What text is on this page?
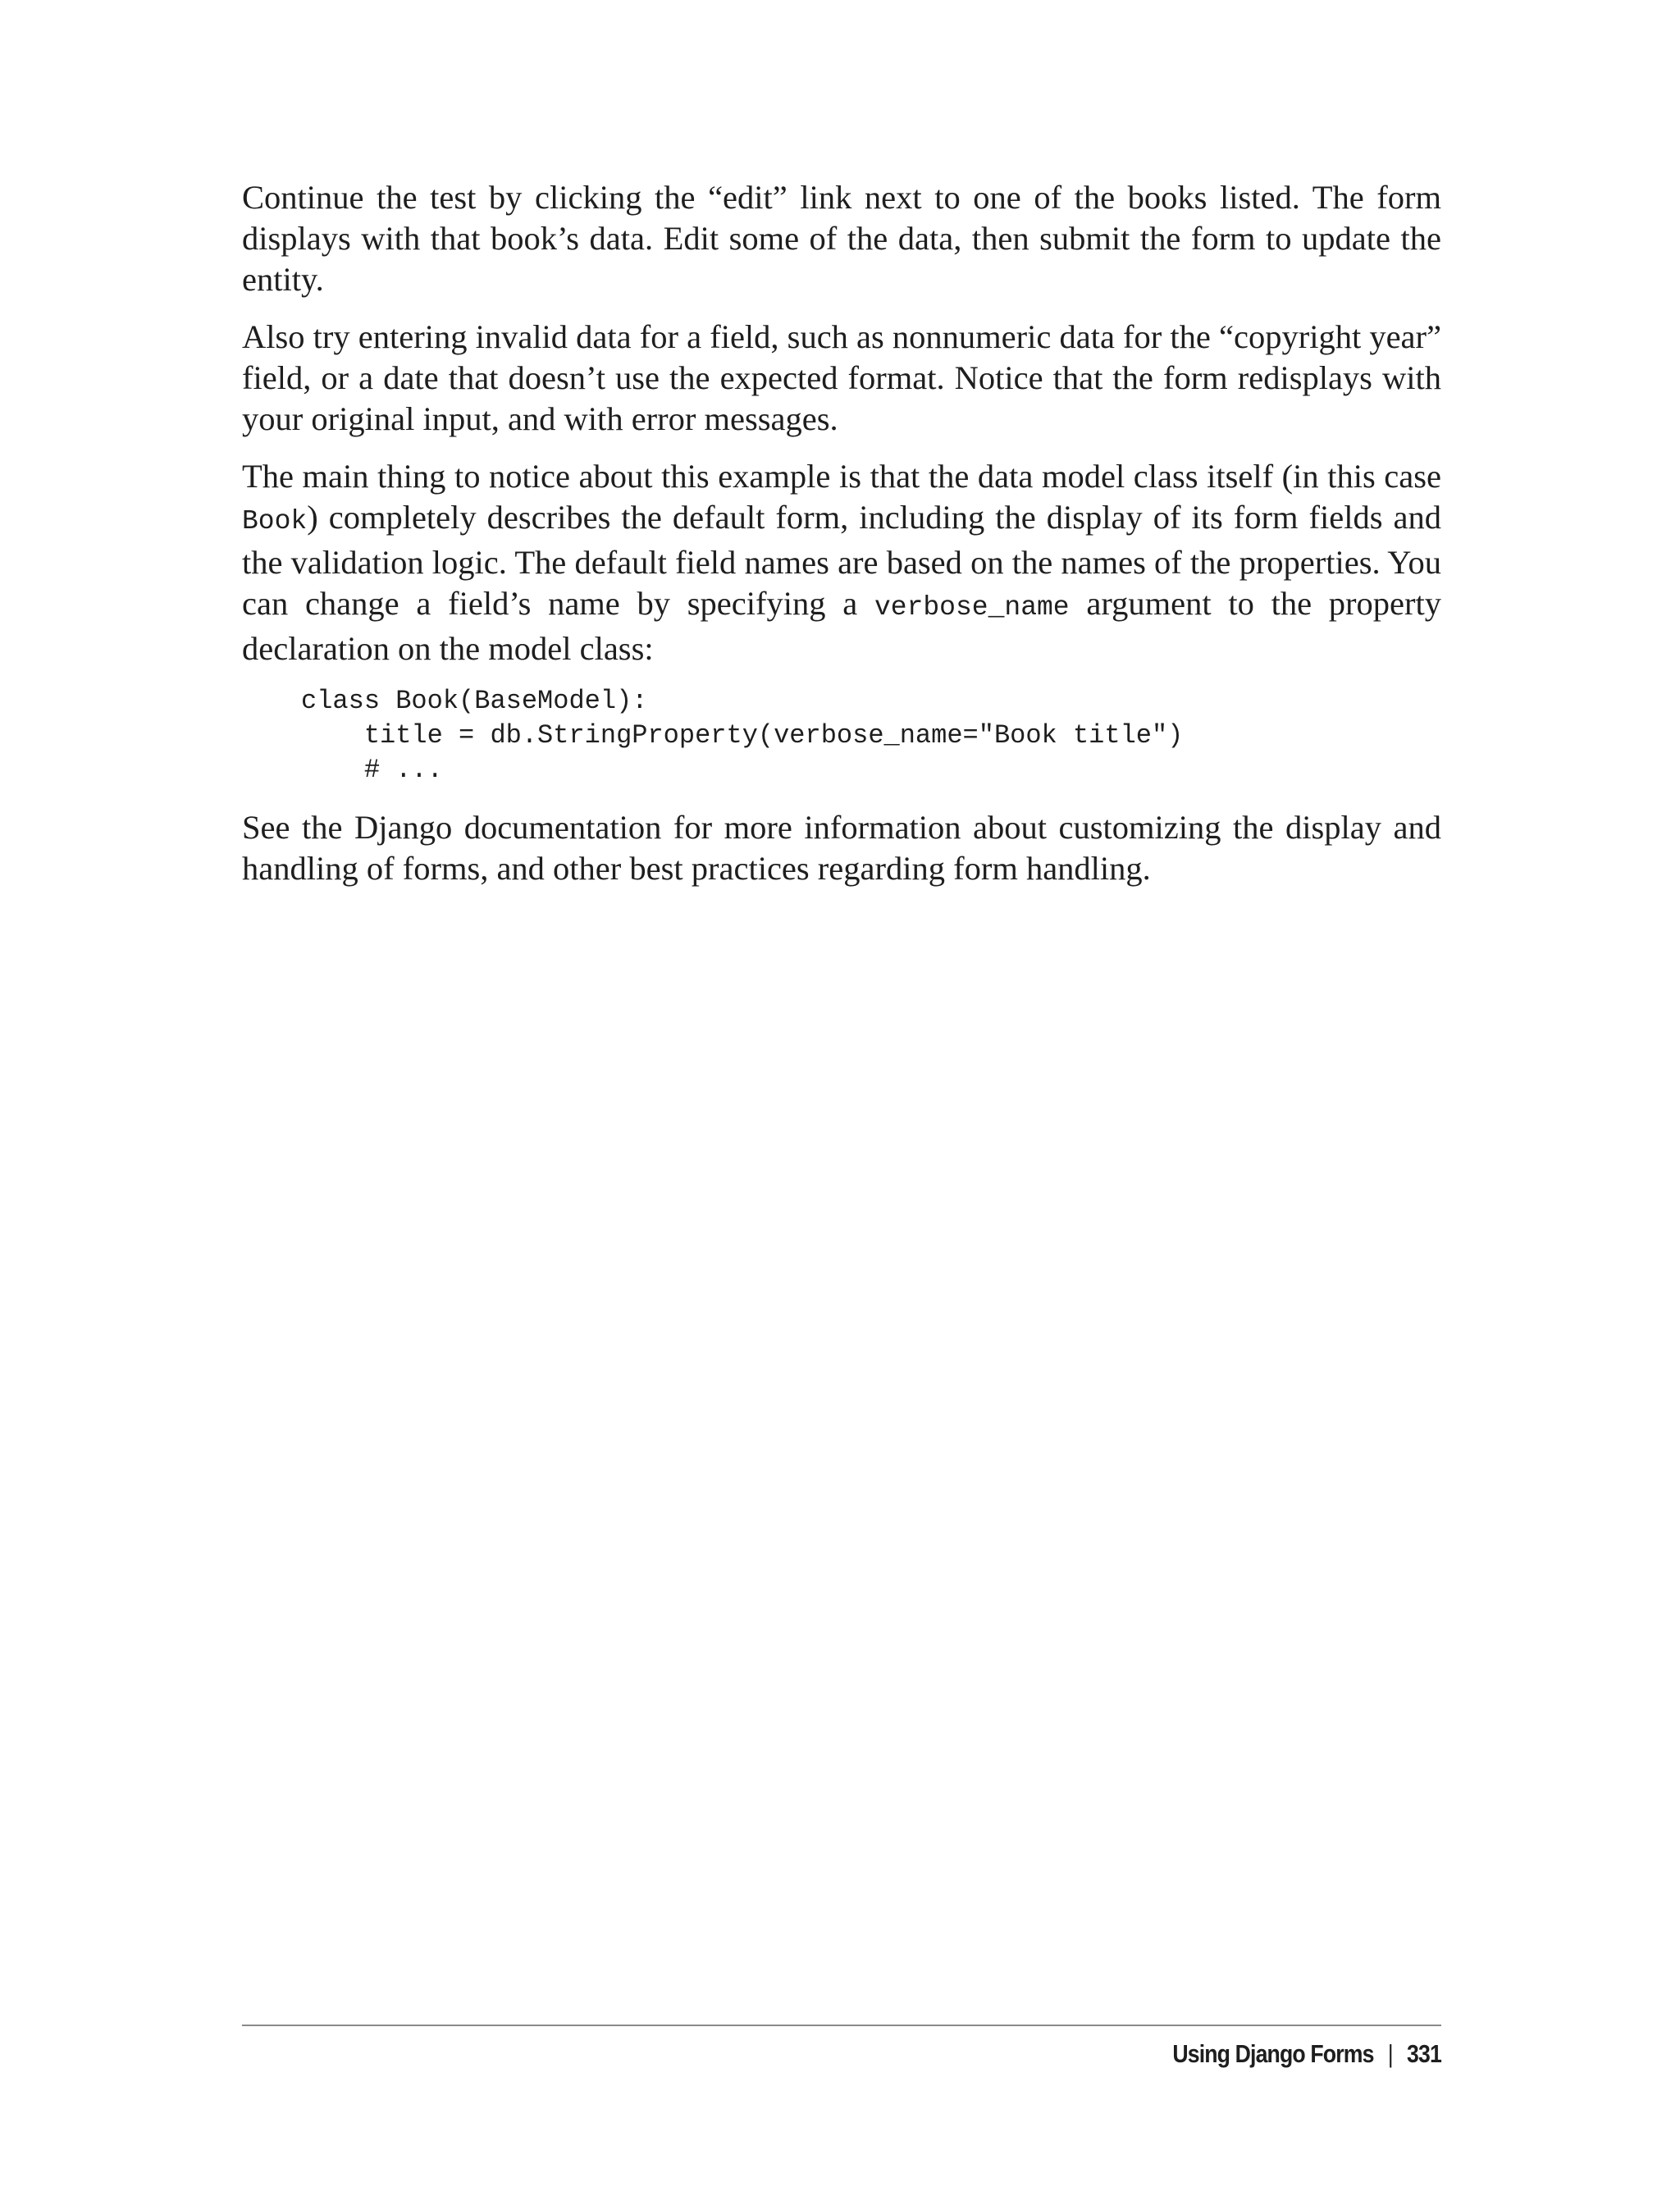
Continue the test by clicking the “edit” link next to one of the books listed. The form displays with that book’s data. Edit some of the data, then submit the form to update the entity.

Also try entering invalid data for a field, such as nonnumeric data for the “copyright year” field, or a date that doesn’t use the expected format. Notice that the form redisplays with your original input, and with error messages.

The main thing to notice about this example is that the data model class itself (in this case Book) completely describes the default form, including the display of its form fields and the validation logic. The default field names are based on the names of the properties. You can change a field’s name by specifying a verbose_name argument to the property declaration on the model class:

class Book(BaseModel):
title = db.StringProperty(verbose_name="Book title")
# ...

See the Django documentation for more information about customizing the display and handling of forms, and other best practices regarding form handling.

Using Django Forms | 331
